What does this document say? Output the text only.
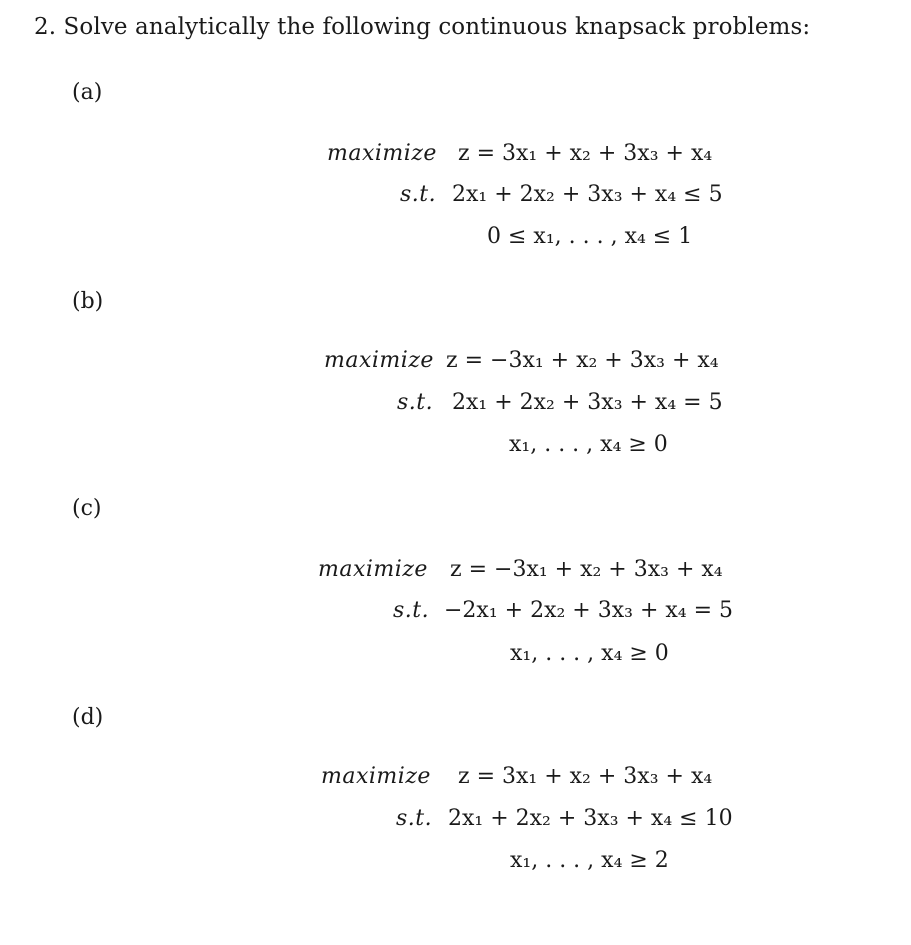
2. Solve analytically the following continuous knapsack problems:
(a)
maximize z = 3x₁ + x₂ + 3x₃ + x₄
s.t. 2x₁ + 2x₂ + 3x₃ + x₄ ≤ 5
0 ≤ x₁, . . . , x₄ ≤ 1
(b)
maximize z = −3x₁ + x₂ + 3x₃ + x₄
s.t. 2x₁ + 2x₂ + 3x₃ + x₄ = 5
x₁, . . . , x₄ ≥ 0
(c)
maximize z = −3x₁ + x₂ + 3x₃ + x₄
s.t. −2x₁ + 2x₂ + 3x₃ + x₄ = 5
x₁, . . . , x₄ ≥ 0
(d)
maximize z = 3x₁ + x₂ + 3x₃ + x₄
s.t. 2x₁ + 2x₂ + 3x₃ + x₄ ≤ 10
x₁, . . . , x₄ ≥ 2
